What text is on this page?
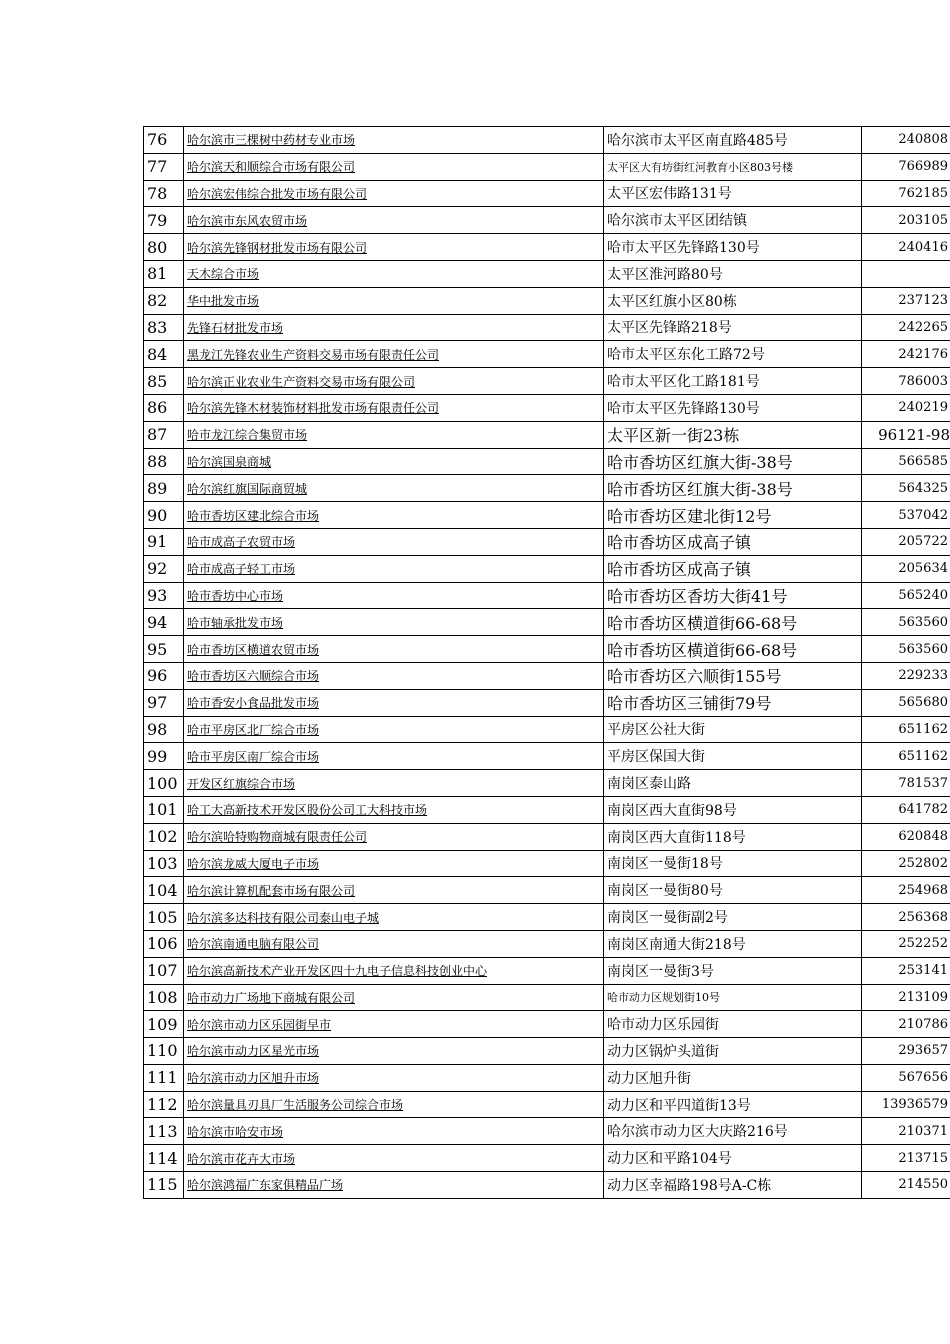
76	哈尔滨市三棵树中药材专业市场	哈尔滨市太平区南直路485号	240808
77	哈尔滨天和顺综合市场有限公司	太平区大有坊街红河教育小区803号楼	766989
78	哈尔滨宏伟综合批发市场有限公司	太平区宏伟路131号	762185
79	哈尔滨市东风农贸市场	哈尔滨市太平区团结镇	203105
80	哈尔滨先锋钢材批发市场有限公司	哈市太平区先锋路130号	240416
81	天木综合市场	太平区淮河路80号	
82	华中批发市场	太平区红旗小区80栋	237123
83	先锋石材批发市场	太平区先锋路218号	242265
84	黑龙江先锋农业生产资料交易市场有限责任公司	哈市太平区东化工路72号	242176
85	哈尔滨正业农业生产资料交易市场有限公司	哈市太平区化工路181号	786003
86	哈尔滨先锋木材装饰材料批发市场有限责任公司	哈市太平区先锋路130号	240219
87	哈市龙江综合集贸市场	太平区新一街23栋	96121-98
88	哈尔滨国泉商城	哈市香坊区红旗大街-38号	566585
89	哈尔滨红旗国际商贸城	哈市香坊区红旗大街-38号	564325
90	哈市香坊区建北综合市场	哈市香坊区建北街12号	537042
91	哈市成高子农贸市场	哈市香坊区成高子镇	205722
92	哈市成高子轻工市场	哈市香坊区成高子镇	205634
93	哈市香坊中心市场	哈市香坊区香坊大街41号	565240
94	哈市轴承批发市场	哈市香坊区横道街66-68号	563560
95	哈市香坊区横道农贸市场	哈市香坊区横道街66-68号	563560
96	哈市香坊区六顺综合市场	哈市香坊区六顺街155号	229233
97	哈市香安小食品批发市场	哈市香坊区三铺街79号	565680
98	哈市平房区北厂综合市场	平房区公社大街	651162
99	哈市平房区南厂综合市场	平房区保国大街	651162
100	开发区红旗综合市场	南岗区泰山路	781537
101	哈工大高新技术开发区股份公司工大科技市场	南岗区西大直街98号	641782
102	哈尔滨哈特购物商城有限责任公司	南岗区西大直街118号	620848
103	哈尔滨龙威大厦电子市场	南岗区一曼街18号	252802
104	哈尔滨计算机配套市场有限公司	南岗区一曼街80号	254968
105	哈尔滨多达科技有限公司泰山电子城	南岗区一曼街副2号	256368
106	哈尔滨南通电脑有限公司	南岗区南通大街218号	252252
107	哈尔滨高新技术产业开发区四十九电子信息科技创业中心	南岗区一曼街3号	253141
108	哈市动力广场地下商城有限公司	哈市动力区规划街10号	213109
109	哈尔滨市动力区乐园街早市	哈市动力区乐园街	210786
110	哈尔滨市动力区星光市场	动力区锅炉头道街	293657
111	哈尔滨市动力区旭升市场	动力区旭升街	567656
112	哈尔滨量具刃具厂生活服务公司综合市场	动力区和平四道街13号	13936579
113	哈尔滨市哈安市场	哈尔滨市动力区大庆路216号	210371
114	哈尔滨市花卉大市场	动力区和平路104号	213715
115	哈尔滨鸿福广东家俱精品广场	动力区幸福路198号A-C栋	214550
